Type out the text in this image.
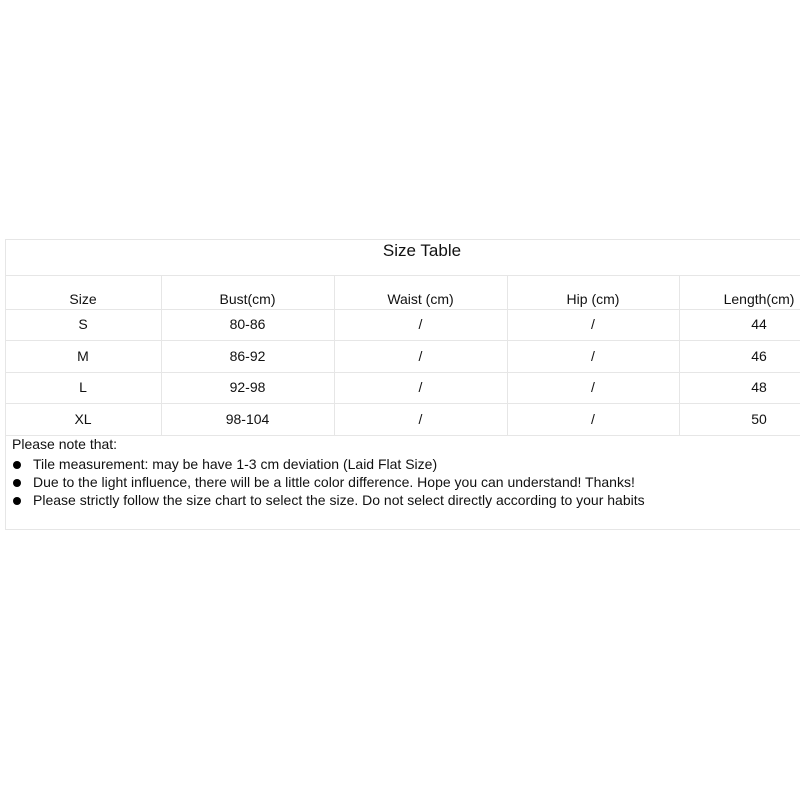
Size Table
Size	Bust(cm)	Waist (cm)	Hip (cm)	Length(cm)
S	80-86	/	/	44
M	86-92	/	/	46
L	92-98	/	/	48
XL	98-104	/	/	50
Please note that:
Tile measurement: may be have 1-3 cm deviation (Laid Flat Size)
Due to the light influence, there will be a little color difference. Hope you can understand! Thanks!
Please strictly follow the size chart to select the size. Do not select directly according to your habits
